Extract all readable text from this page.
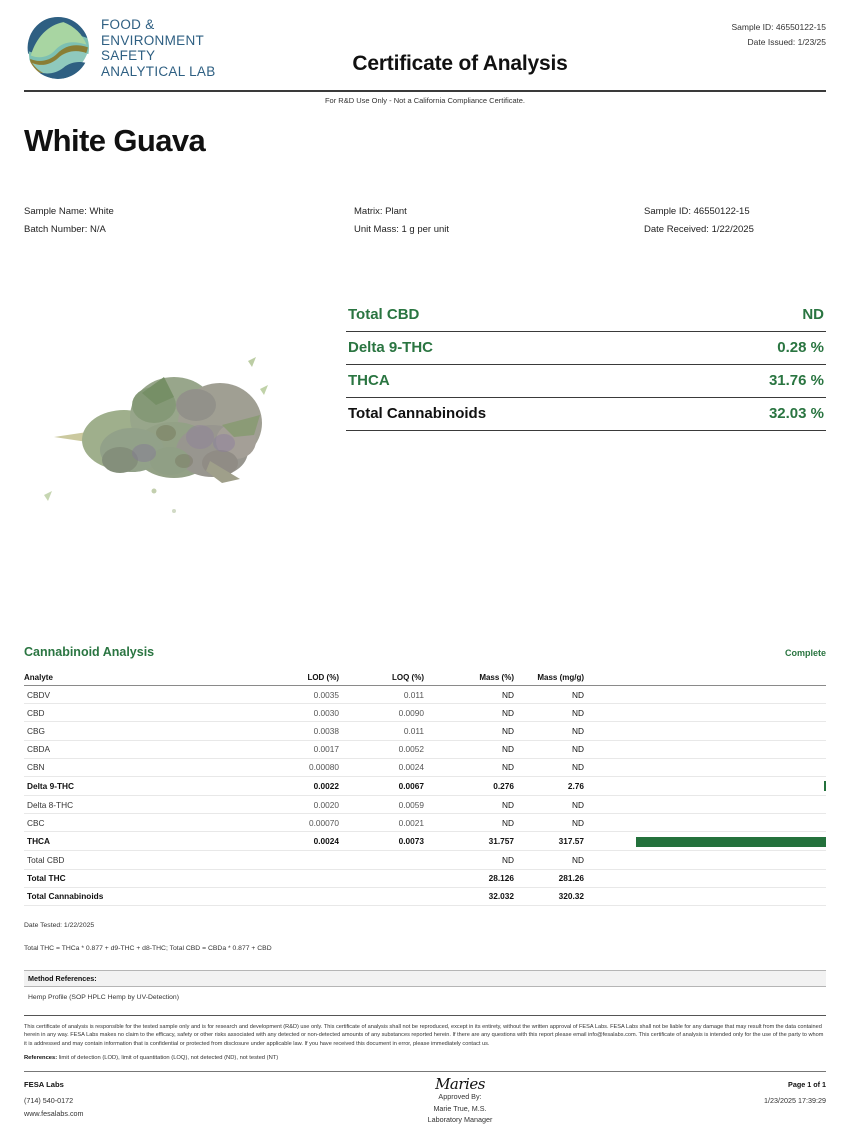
FOOD &
ENVIRONMENT
SAFETY
ANALYTICAL LAB	Certificate of Analysis
Sample ID: 46550122-15
Date Issued: 1/23/25
For R&D Use Only - Not a California Compliance Certificate.
White Guava
Sample Name: White
Batch Number: N/A
Matrix: Plant
Unit Mass: 1 g per unit
Sample ID: 46550122-15
Date Received: 1/22/2025
Total CBD	ND
Delta 9-THC	0.28 %
THCA	31.76 %
Total Cannabinoids	32.03 %
Cannabinoid Analysis	Complete
Analyte	LOD (%)	LOQ (%)	Mass (%)	Mass (mg/g)	
CBDV	0.0035	0.011	ND	ND	
CBD	0.0030	0.0090	ND	ND	
CBG	0.0038	0.011	ND	ND	
CBDA	0.0017	0.0052	ND	ND	
CBN	0.00080	0.0024	ND	ND	
Delta 9-THC	0.0022	0.0067	0.276	2.76	
Delta 8-THC	0.0020	0.0059	ND	ND	
CBC	0.00070	0.0021	ND	ND	
THCA	0.0024	0.0073	31.757	317.57	
Total CBD			ND	ND	
Total THC			28.126	281.26	
Total Cannabinoids			32.032	320.32	
Date Tested: 1/22/2025
Total THC = THCa * 0.877 + d9-THC + d8-THC; Total CBD = CBDa * 0.877 + CBD
Method References:
Hemp Profile (SOP HPLC Hemp by UV-Detection)
This certificate of analysis is responsible for the tested sample only and is for research and development (R&D) use only. This certificate of analysis shall not be reproduced, except in its entirety, without the written approval of FESA Labs. FESA Labs shall not be liable for any damage that may result from the data contained herein in any way. FESA Labs makes no claim to the efficacy, safety or other risks associated with any detected or non-detected amounts of any substances reported herein. If there are any questions with this report please email info@fesalabs.com. This certificate of analysis is intended only for the use of the party to whom it is addressed and may contain information that is confidential or protected from disclosure under applicable law. If you have received this document in error, please immediately contact us.
References: limit of detection (LOD), limit of quantitation (LOQ), not detected (ND), not tested (NT)
FESA Labs
(714) 540-0172
www.fesalabs.com
Maries
Approved By:
Marie True, M.S.
Laboratory Manager
Page 1 of 1
1/23/2025 17:39:29
